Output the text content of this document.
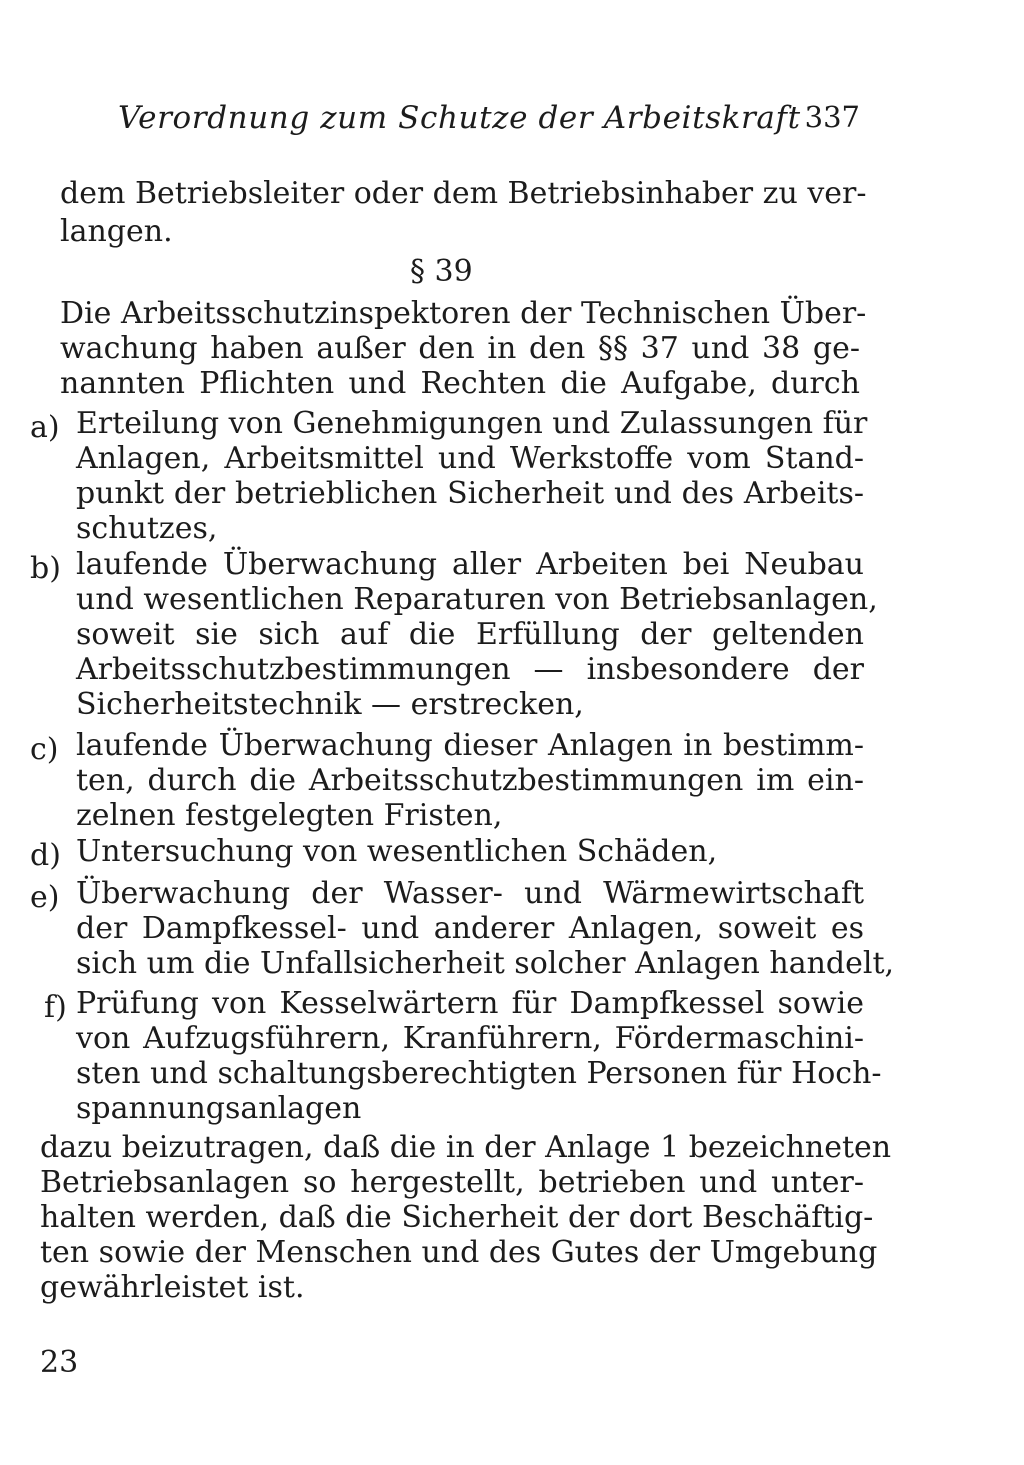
Verordnung zum Schutze der Arbeitskraft 337
dem Betriebsleiter oder dem Betriebsinhaber zu ver-
langen.
§ 39
Die Arbeitsschutzinspektoren der Technischen Über-
wachung haben außer den in den §§ 37 und 38 ge-
nannten Pflichten und Rechten die Aufgabe, durch
a) Erteilung von Genehmigungen und Zulassungen für
Anlagen, Arbeitsmittel und Werkstoffe vom Stand-
punkt der betrieblichen Sicherheit und des Arbeits-
schutzes,
b) laufende Überwachung aller Arbeiten bei Neubau
und wesentlichen Reparaturen von Betriebsanlagen,
soweit sie sich auf die Erfüllung der geltenden
Arbeitsschutzbestimmungen — insbesondere der
Sicherheitstechnik — erstrecken,
c) laufende Überwachung dieser Anlagen in bestimm-
ten, durch die Arbeitsschutzbestimmungen im ein-
zelnen festgelegten Fristen,
d) Untersuchung von wesentlichen Schäden,
e) Überwachung der Wasser- und Wärmewirtschaft
der Dampfkessel- und anderer Anlagen, soweit es
sich um die Unfallsicherheit solcher Anlagen handelt,
f) Prüfung von Kesselwärtern für Dampfkessel sowie
von Aufzugsführern, Kranführern, Fördermaschini-
sten und schaltungsberechtigten Personen für Hoch-
spannungsanlagen
dazu beizutragen, daß die in der Anlage 1 bezeichneten
Betriebsanlagen so hergestellt, betrieben und unter-
halten werden, daß die Sicherheit der dort Beschäftig-
ten sowie der Menschen und des Gutes der Umgebung
gewährleistet ist.
23
